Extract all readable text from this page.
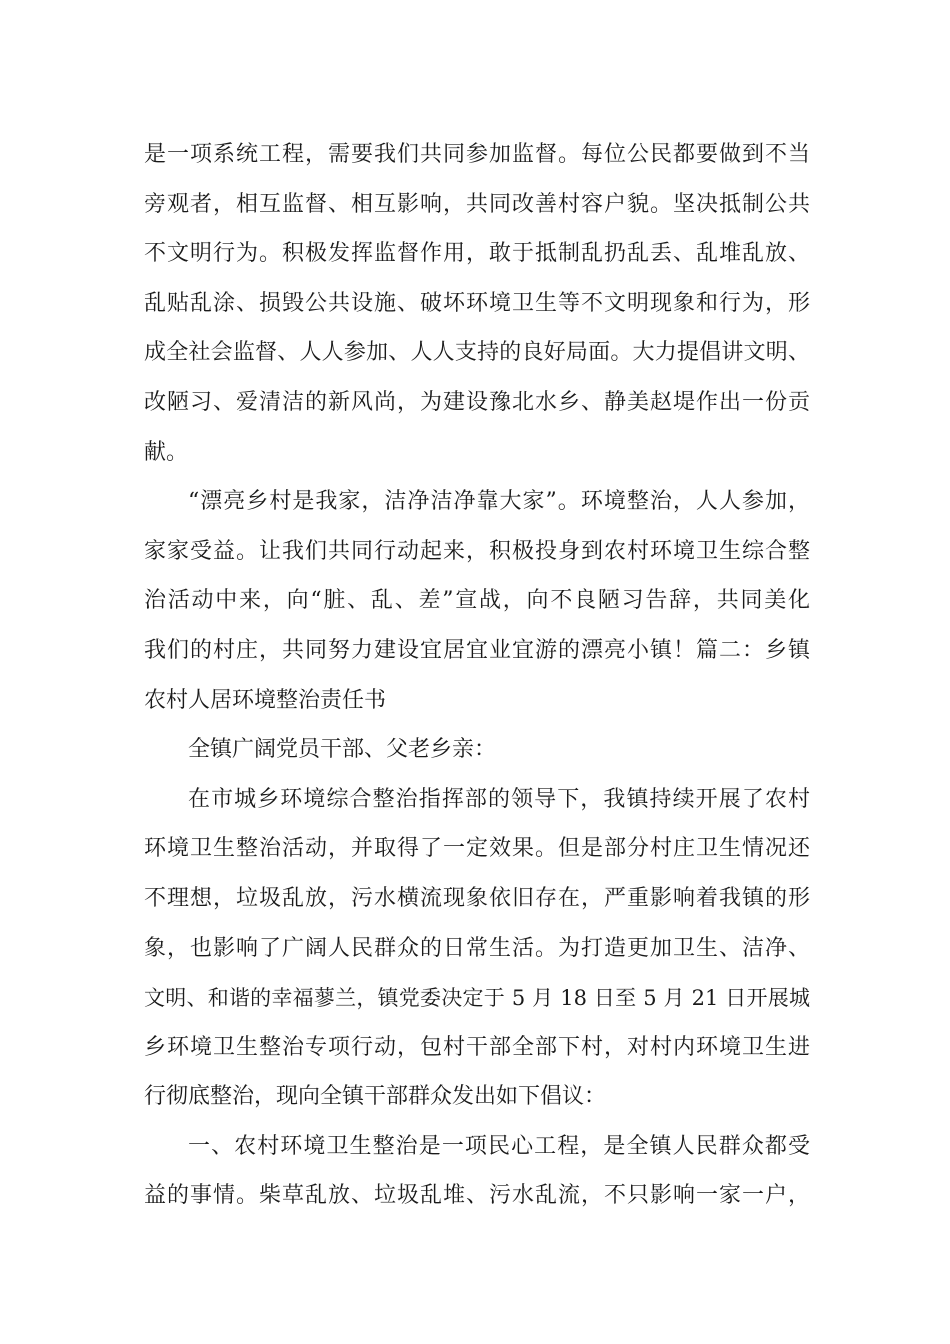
是一项系统工程，需要我们共同参加监督。每位公民都要做到不当
旁观者，相互监督、相互影响，共同改善村容户貌。坚决抵制公共
不文明行为。积极发挥监督作用，敢于抵制乱扔乱丢、乱堆乱放、
乱贴乱涂、损毁公共设施、破坏环境卫生等不文明现象和行为，形
成全社会监督、人人参加、人人支持的良好局面。大力提倡讲文明、
改陋习、爱清洁的新风尚，为建设豫北水乡、静美赵堤作出一份贡
献。
“漂亮乡村是我家，洁净洁净靠大家”。环境整治，人人参加，
家家受益。让我们共同行动起来，积极投身到农村环境卫生综合整
治活动中来，向“脏、乱、差”宣战，向不良陋习告辞，共同美化
我们的村庄，共同努力建设宜居宜业宜游的漂亮小镇！篇二：乡镇
农村人居环境整治责任书
全镇广阔党员干部、父老乡亲：
在市城乡环境综合整治指挥部的领导下，我镇持续开展了农村
环境卫生整治活动，并取得了一定效果。但是部分村庄卫生情况还
不理想，垃圾乱放，污水横流现象依旧存在，严重影响着我镇的形
象，也影响了广阔人民群众的日常生活。为打造更加卫生、洁净、
文明、和谐的幸福蓼兰，镇党委决定于 5 月 18 日至 5 月 21 日开展城
乡环境卫生整治专项行动，包村干部全部下村，对村内环境卫生进
行彻底整治，现向全镇干部群众发出如下倡议：
一、农村环境卫生整治是一项民心工程，是全镇人民群众都受
益的事情。柴草乱放、垃圾乱堆、污水乱流，不只影响一家一户，
